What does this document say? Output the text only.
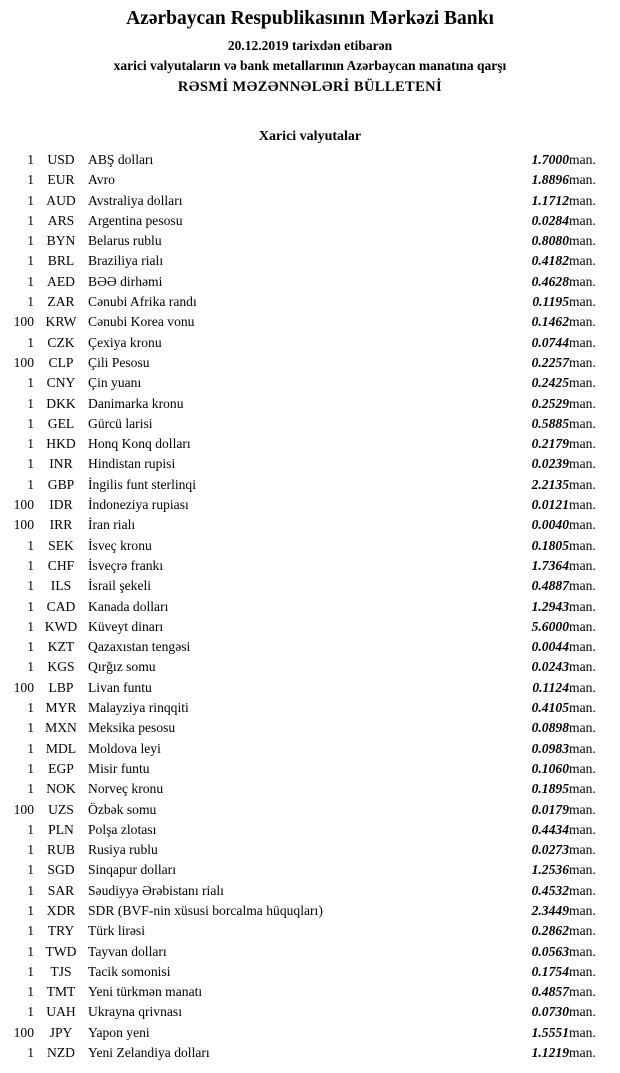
Azərbaycan Respublikasının Mərkəzi Bankı
20.12.2019 tarixdən etibarən
xarici valyutaların və bank metallarının Azərbaycan manatına qarşı
RƏSMİ MƏZƏNNƏLƏRİ BÜLLETENİ
Xarici valyutalar
1	USD	ABŞ dolları	1.7000	man.
1	EUR	Avro	1.8896	man.
1	AUD	Avstraliya dolları	1.1712	man.
1	ARS	Argentina pesosu	0.0284	man.
1	BYN	Belarus rublu	0.8080	man.
1	BRL	Braziliya rialı	0.4182	man.
1	AED	BƏƏ dirhəmi	0.4628	man.
1	ZAR	Cənubi Afrika randı	0.1195	man.
100	KRW	Cənubi Korea vonu	0.1462	man.
1	CZK	Çexiya kronu	0.0744	man.
100	CLP	Çili Pesosu	0.2257	man.
1	CNY	Çin yuanı	0.2425	man.
1	DKK	Danimarka kronu	0.2529	man.
1	GEL	Gürcü larisi	0.5885	man.
1	HKD	Honq Konq dolları	0.2179	man.
1	INR	Hindistan rupisi	0.0239	man.
1	GBP	İngilis funt sterlinqi	2.2135	man.
100	IDR	İndoneziya rupiası	0.0121	man.
100	IRR	İran rialı	0.0040	man.
1	SEK	İsveç kronu	0.1805	man.
1	CHF	İsveçrə frankı	1.7364	man.
1	ILS	İsrail şekeli	0.4887	man.
1	CAD	Kanada dolları	1.2943	man.
1	KWD	Küveyt dinarı	5.6000	man.
1	KZT	Qazaxıstan tengəsi	0.0044	man.
1	KGS	Qırğız somu	0.0243	man.
100	LBP	Livan funtu	0.1124	man.
1	MYR	Malayziya rinqqiti	0.4105	man.
1	MXN	Meksika pesosu	0.0898	man.
1	MDL	Moldova leyi	0.0983	man.
1	EGP	Misir funtu	0.1060	man.
1	NOK	Norveç kronu	0.1895	man.
100	UZS	Özbək somu	0.0179	man.
1	PLN	Polşa zlotası	0.4434	man.
1	RUB	Rusiya rublu	0.0273	man.
1	SGD	Sinqapur dolları	1.2536	man.
1	SAR	Səudiyyə Ərəbistanı rialı	0.4532	man.
1	XDR	SDR (BVF-nin xüsusi borcalma hüquqları)	2.3449	man.
1	TRY	Türk lirəsi	0.2862	man.
1	TWD	Tayvan dolları	0.0563	man.
1	TJS	Tacik somonisi	0.1754	man.
1	TMT	Yeni türkmən manatı	0.4857	man.
1	UAH	Ukrayna qrivnası	0.0730	man.
100	JPY	Yapon yeni	1.5551	man.
1	NZD	Yeni Zelandiya dolları	1.1219	man.
